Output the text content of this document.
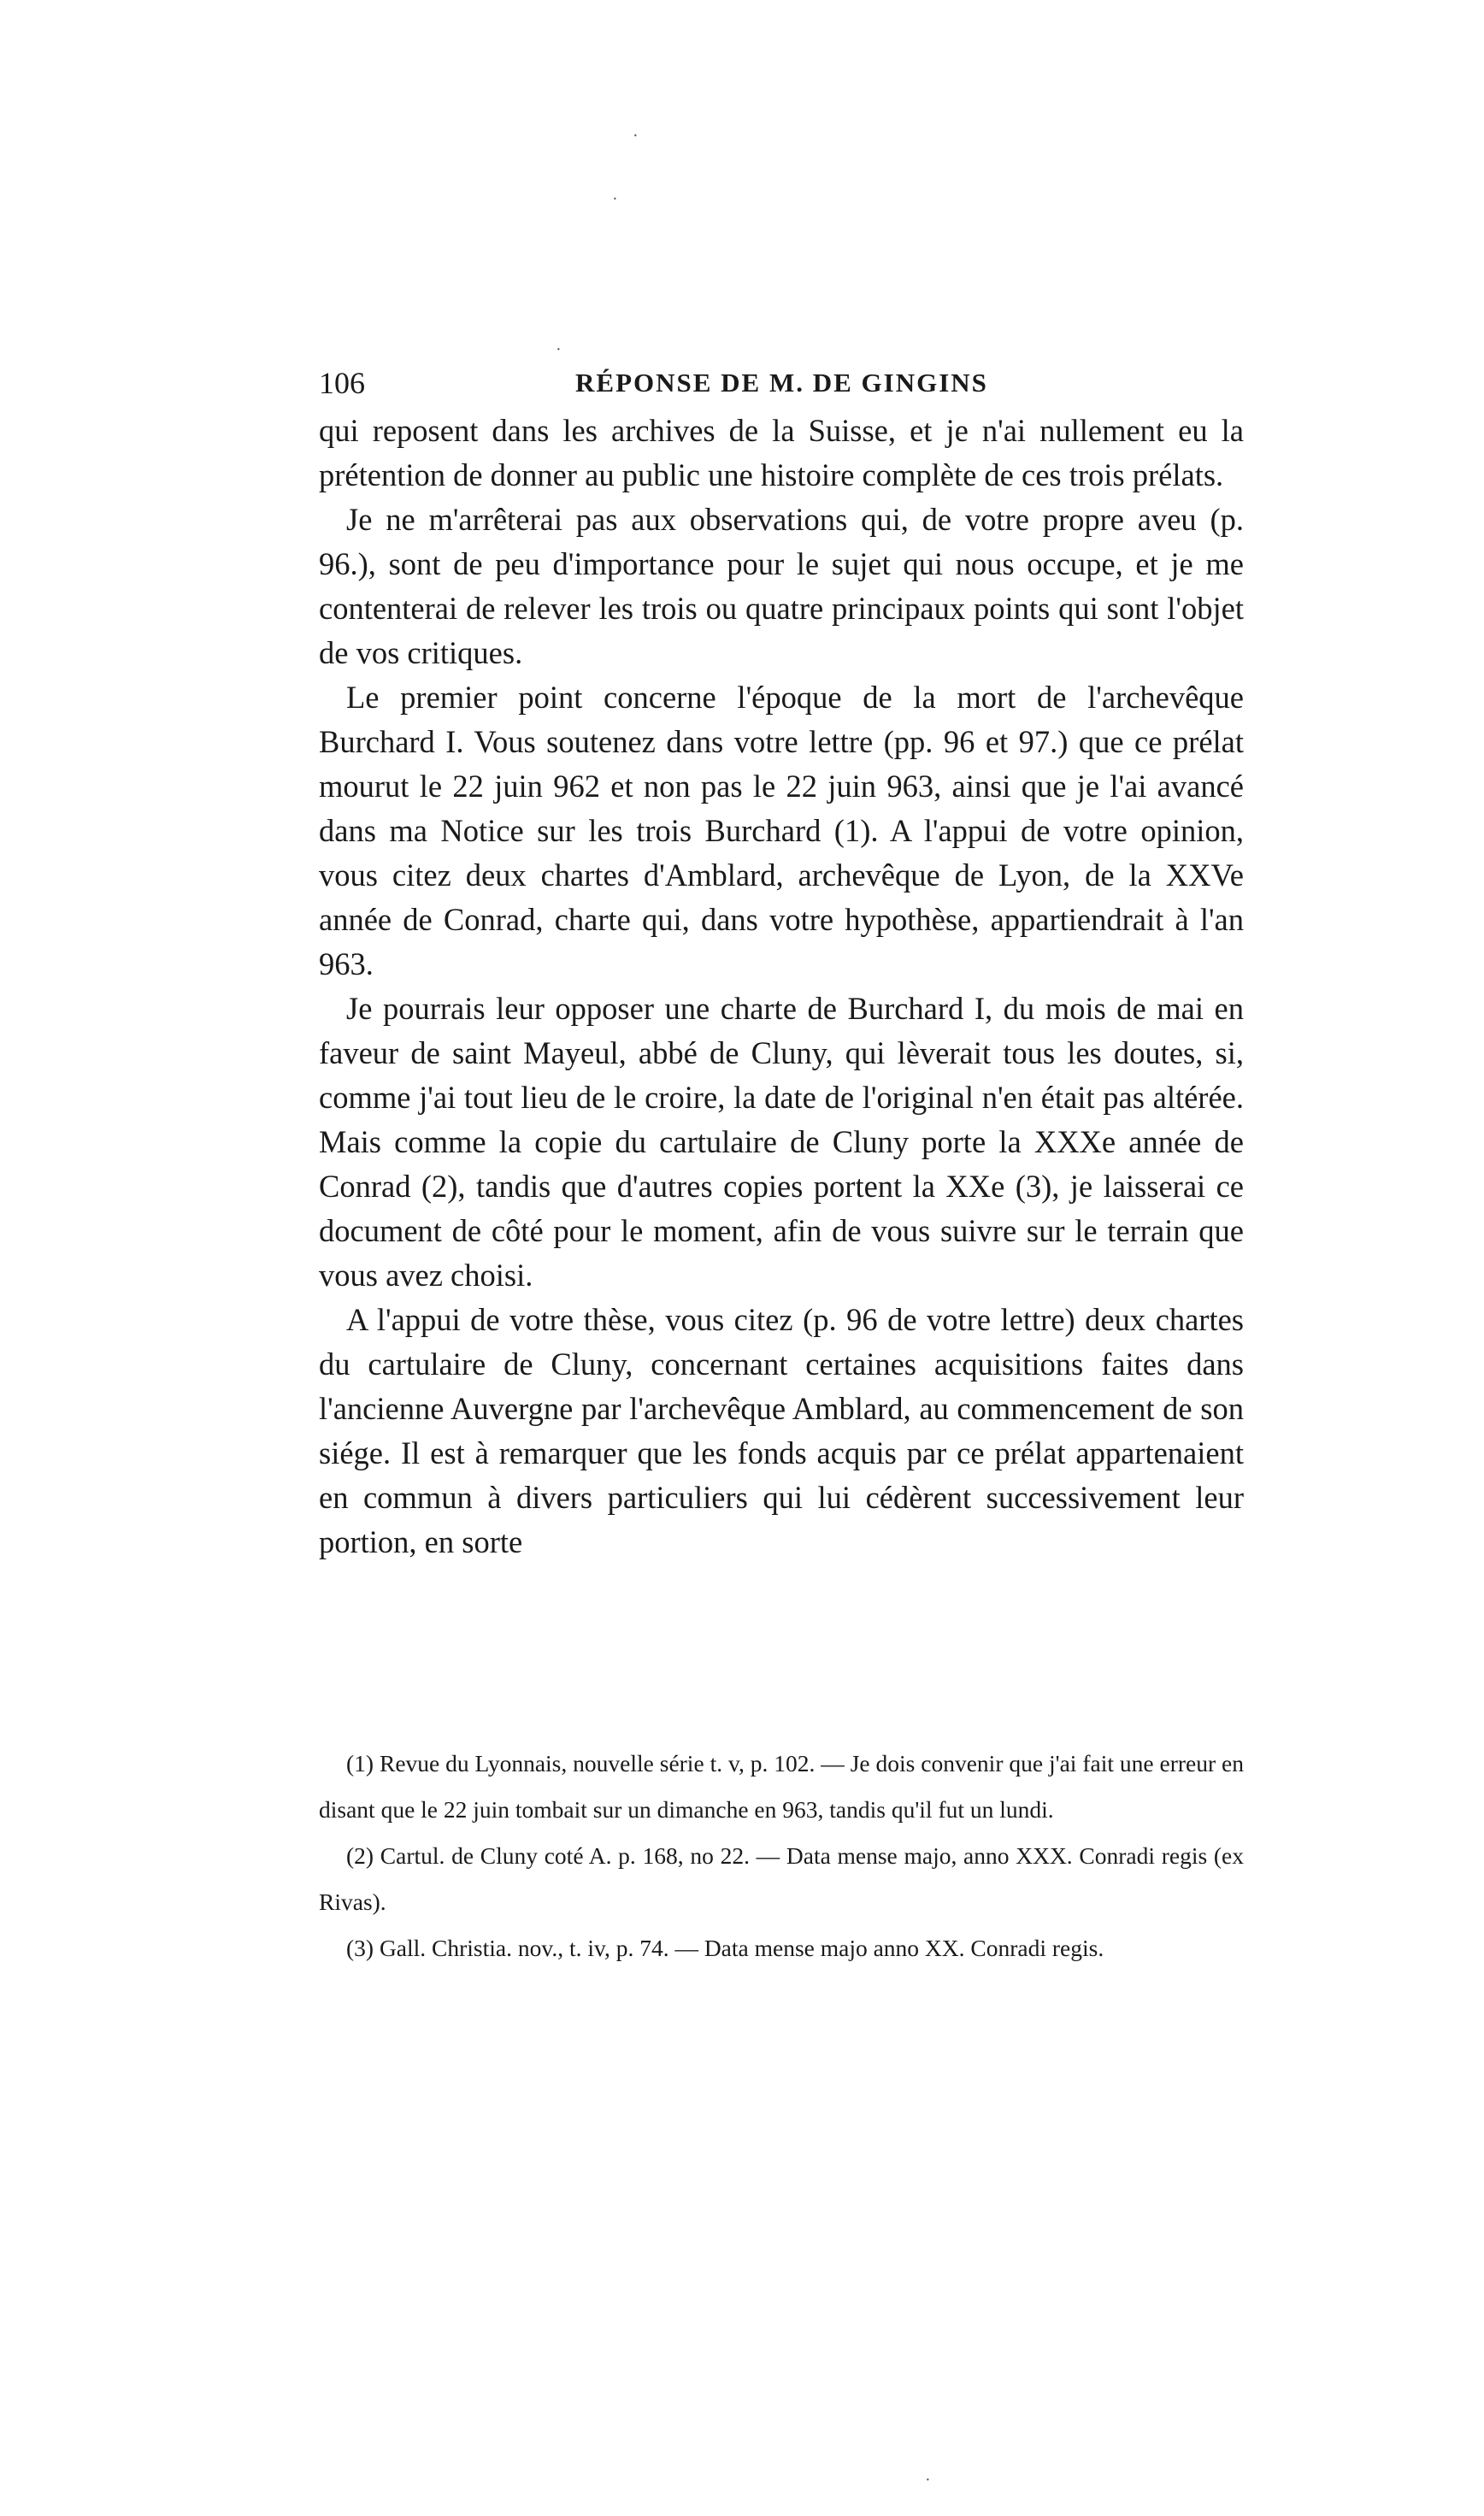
·
·
·
·
106	RÉPONSE DE M. DE GINGINS

qui reposent dans les archives de la Suisse, et je n'ai nullement eu la prétention de donner au public une histoire complète de ces trois prélats.

Je ne m'arrêterai pas aux observations qui, de votre propre aveu (p. 96.), sont de peu d'importance pour le sujet qui nous occupe, et je me contenterai de relever les trois ou quatre principaux points qui sont l'objet de vos critiques.

Le premier point concerne l'époque de la mort de l'archevêque Burchard I. Vous soutenez dans votre lettre (pp. 96 et 97.) que ce prélat mourut le 22 juin 962 et non pas le 22 juin 963, ainsi que je l'ai avancé dans ma Notice sur les trois Burchard (1). A l'appui de votre opinion, vous citez deux chartes d'Amblard, archevêque de Lyon, de la XXVe année de Conrad, charte qui, dans votre hypothèse, appartiendrait à l'an 963.

Je pourrais leur opposer une charte de Burchard I, du mois de mai en faveur de saint Mayeul, abbé de Cluny, qui lèverait tous les doutes, si, comme j'ai tout lieu de le croire, la date de l'original n'en était pas altérée. Mais comme la copie du cartulaire de Cluny porte la XXXe année de Conrad (2), tandis que d'autres copies portent la XXe (3), je laisserai ce document de côté pour le moment, afin de vous suivre sur le terrain que vous avez choisi.

A l'appui de votre thèse, vous citez (p. 96 de votre lettre) deux chartes du cartulaire de Cluny, concernant certaines acquisitions faites dans l'ancienne Auvergne par l'archevêque Amblard, au commencement de son siége. Il est à remarquer que les fonds acquis par ce prélat appartenaient en commun à divers particuliers qui lui cédèrent successivement leur portion, en sorte

(1) Revue du Lyonnais, nouvelle série t. v, p. 102. — Je dois convenir que j'ai fait une erreur en disant que le 22 juin tombait sur un dimanche en 963, tandis qu'il fut un lundi.

(2) Cartul. de Cluny coté A. p. 168, no 22. — Data mense majo, anno XXX. Conradi regis (ex Rivas).

(3) Gall. Christia. nov., t. iv, p. 74. — Data mense majo anno XX. Conradi regis.
